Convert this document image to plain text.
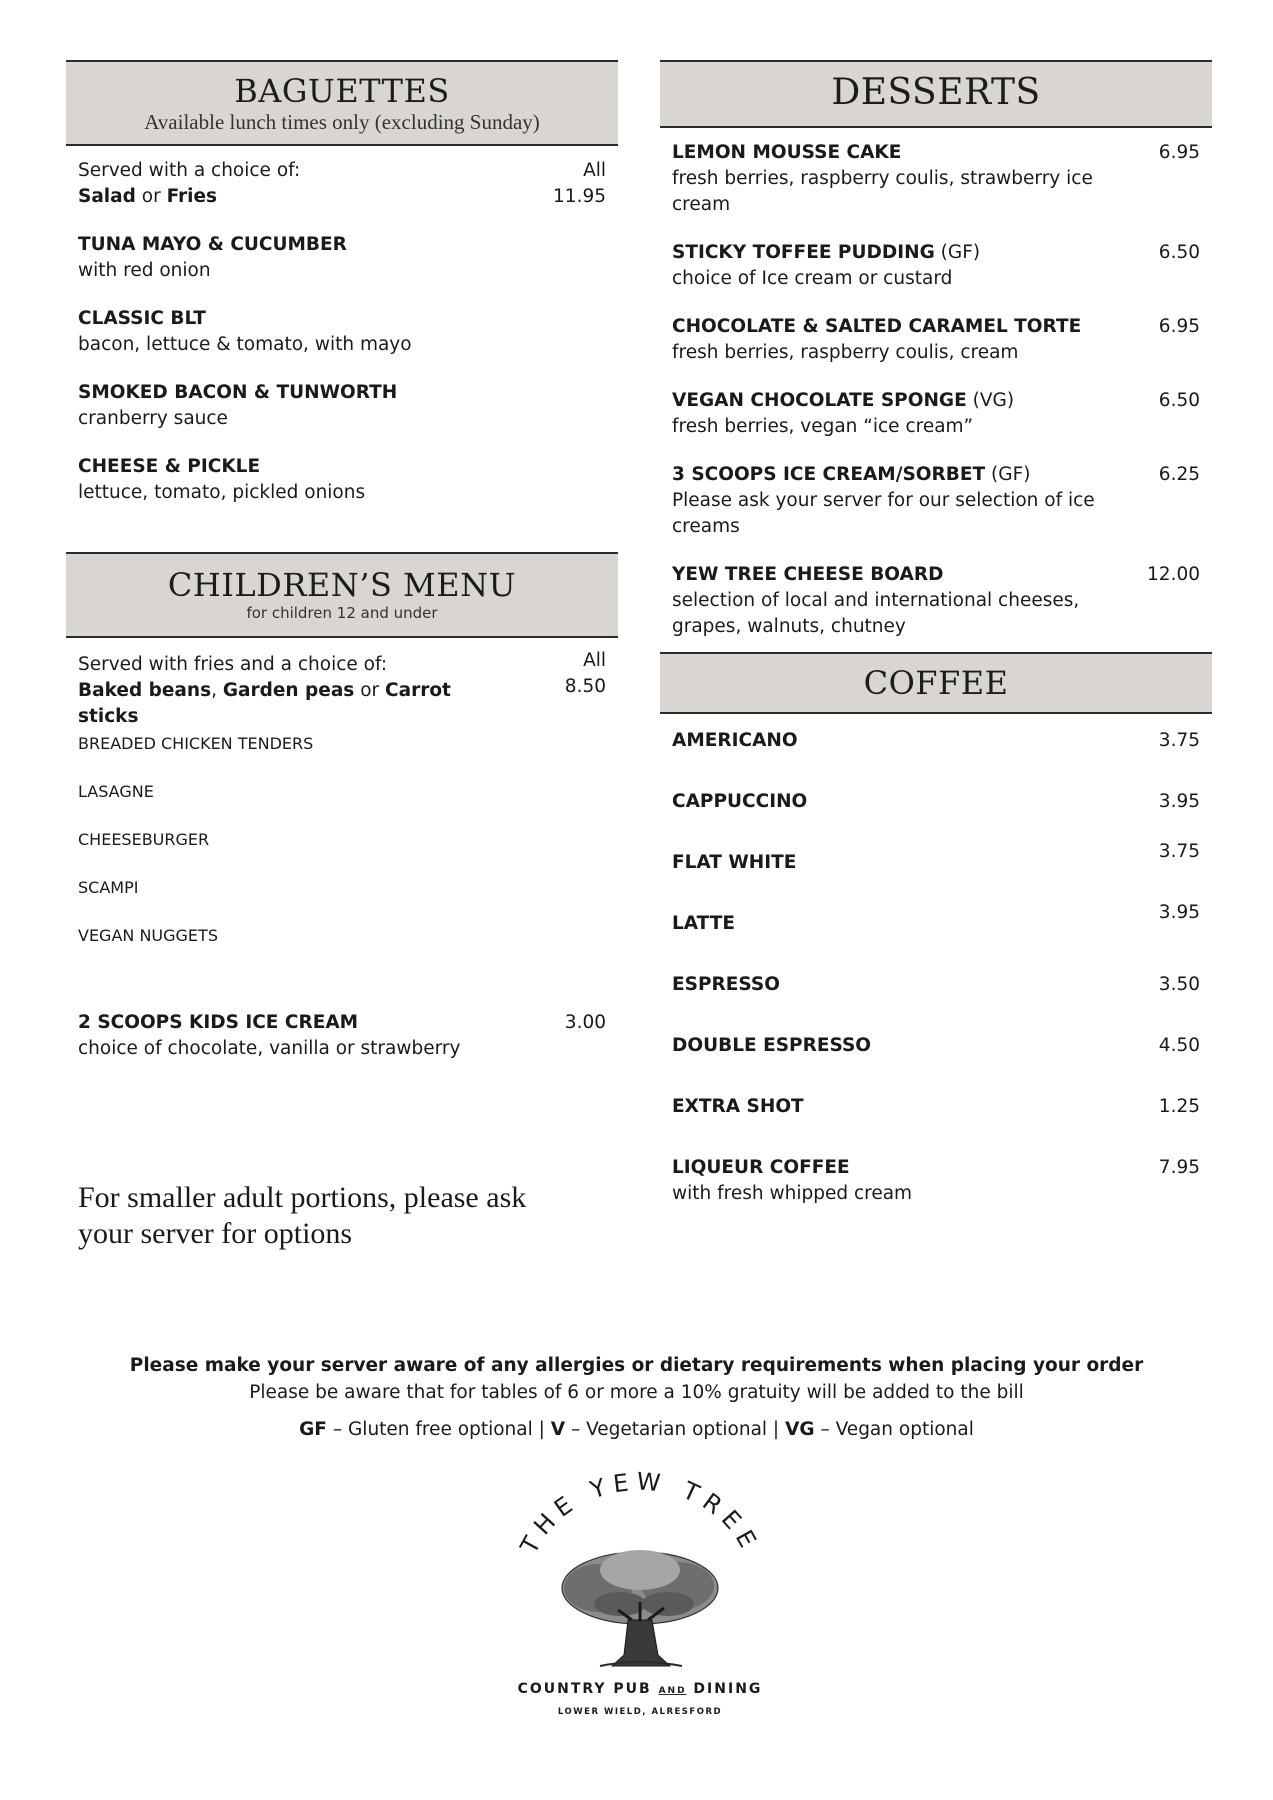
BAGUETTES
Available lunch times only (excluding Sunday)
Served with a choice of:
Salad or Fries
All
11.95
TUNA MAYO & CUCUMBER
with red onion
CLASSIC BLT
bacon, lettuce & tomato, with mayo
SMOKED BACON & TUNWORTH
cranberry sauce
CHEESE & PICKLE
lettuce, tomato, pickled onions
CHILDREN’S MENU
for children 12 and under
Served with fries and a choice of:
Baked beans, Garden peas or Carrot sticks
All
8.50
BREADED CHICKEN TENDERS
LASAGNE
CHEESEBURGER
SCAMPI
VEGAN NUGGETS
2 SCOOPS KIDS ICE CREAM
choice of chocolate, vanilla or strawberry
3.00
For smaller adult portions, please ask
your server for options
DESSERTS
LEMON MOUSSE CAKE
fresh berries, raspberry coulis, strawberry ice
cream
6.95
STICKY TOFFEE PUDDING (GF)
choice of Ice cream or custard
6.50
CHOCOLATE & SALTED CARAMEL TORTE
fresh berries, raspberry coulis, cream
6.95
VEGAN CHOCOLATE SPONGE (VG)
fresh berries, vegan “ice cream”
6.50
3 SCOOPS ICE CREAM/SORBET (GF)
Please ask your server for our selection of ice
creams
6.25
YEW TREE CHEESE BOARD
selection of local and international cheeses,
grapes, walnuts, chutney
12.00
COFFEE
AMERICANO	3.75
CAPPUCCINO	3.95
FLAT WHITE
3.75
LATTE
3.95
ESPRESSO	3.50
DOUBLE ESPRESSO	4.50
EXTRA SHOT	1.25
LIQUEUR COFFEE
with fresh whipped cream
7.95
Please make your server aware of any allergies or dietary requirements when placing your order
Please be aware that for tables of 6 or more a 10% gratuity will be added to the bill
GF – Gluten free optional | V – Vegetarian optional | VG – Vegan optional
THE YEW TREE
COUNTRY PUB AND DINING
LOWER WIELD, ALRESFORD
